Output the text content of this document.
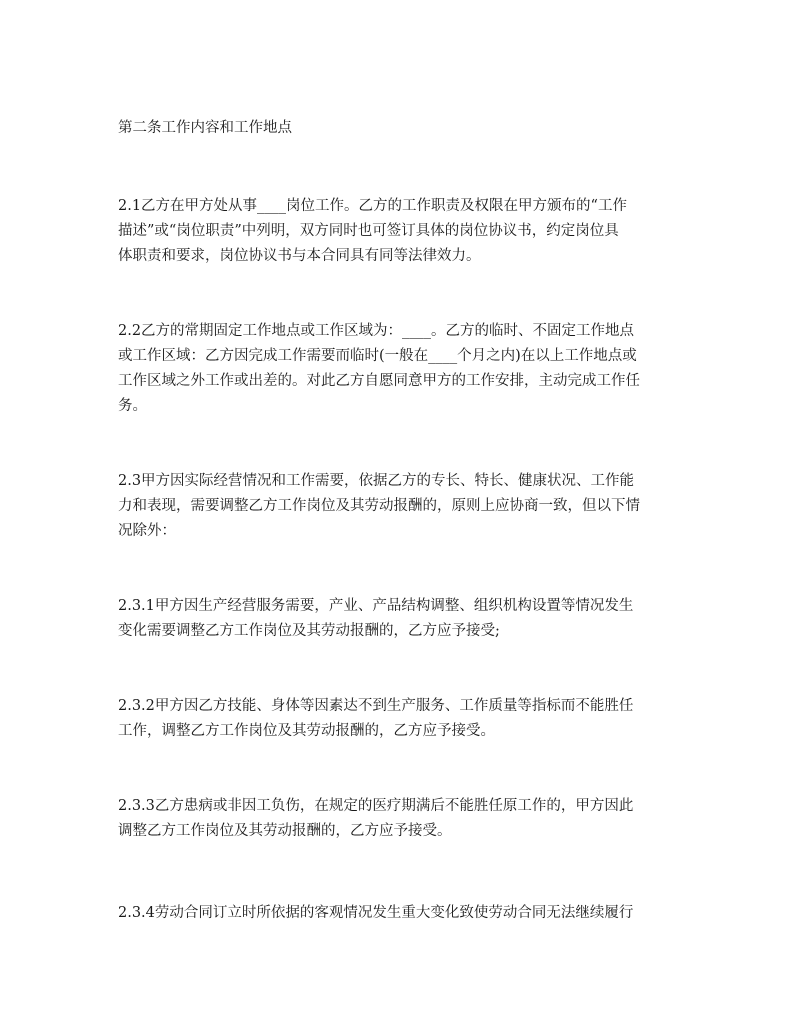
第二条工作内容和工作地点

2.1乙方在甲方处从事____岗位工作。乙方的工作职责及权限在甲方颁布的“工作
描述”或“岗位职责”中列明，双方同时也可签订具体的岗位协议书，约定岗位具
体职责和要求，岗位协议书与本合同具有同等法律效力。

2.2乙方的常期固定工作地点或工作区域为：____。乙方的临时、不固定工作地点
或工作区域：乙方因完成工作需要而临时(一般在____个月之内)在以上工作地点或
工作区域之外工作或出差的。对此乙方自愿同意甲方的工作安排，主动完成工作任
务。

2.3甲方因实际经营情况和工作需要，依据乙方的专长、特长、健康状况、工作能
力和表现，需要调整乙方工作岗位及其劳动报酬的，原则上应协商一致，但以下情
况除外：

2.3.1甲方因生产经营服务需要，产业、产品结构调整、组织机构设置等情况发生
变化需要调整乙方工作岗位及其劳动报酬的，乙方应予接受;

2.3.2甲方因乙方技能、身体等因素达不到生产服务、工作质量等指标而不能胜任
工作，调整乙方工作岗位及其劳动报酬的，乙方应予接受。

2.3.3乙方患病或非因工负伤，在规定的医疗期满后不能胜任原工作的，甲方因此
调整乙方工作岗位及其劳动报酬的，乙方应予接受。

2.3.4劳动合同订立时所依据的客观情况发生重大变化致使劳动合同无法继续履行
